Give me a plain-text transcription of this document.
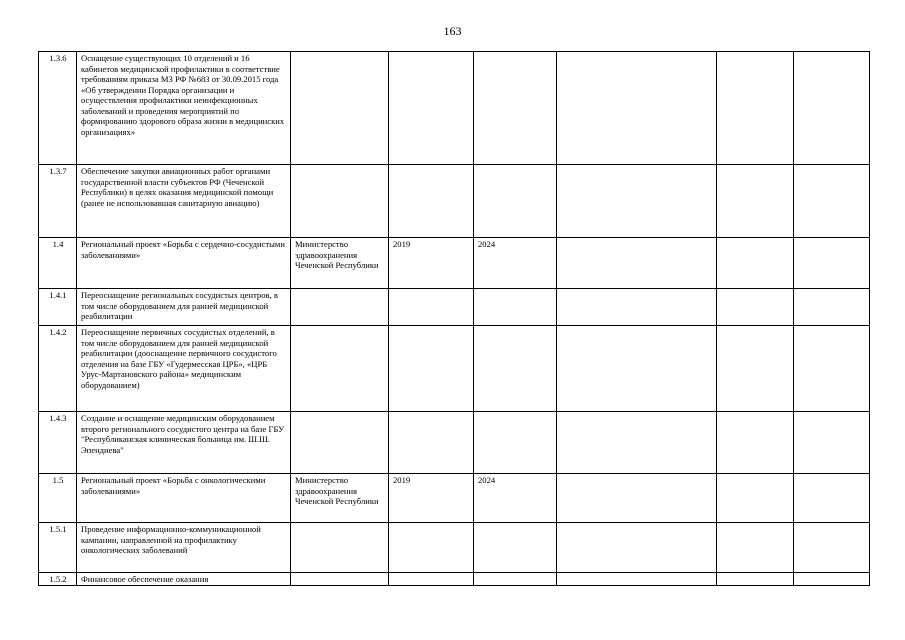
163
1.3.6	Оснащение существующих 10 отделений и 16 кабинетов медицинской профилактики в соответствие требованиям приказа МЗ РФ №683 от 30.09.2015 года «Об утверждении Порядка организации и осуществления профилактики неинфекционных заболеваний и проведения мероприятий по формированию здорового образа жизни в медицинских организациях»						
1.3.7	Обеспечение закупки авиационных работ органами государственной власти субъектов РФ (Чеченской Республики) в целях оказания медицинской помощи (ранее не использовавшая санитарную авиацию)						
1.4	Региональный проект «Борьба с сердечно-сосудистыми заболеваниями»	Министерство здравоохранения Чеченской Республики	2019	2024			
1.4.1	Переоснащение региональных сосудистых центров, в том числе оборудованием для ранней медицинской реабилитации						
1.4.2	Переоснащение первичных сосудистых отделений, в том числе оборудованием для ранней медицинской реабилитации (дооснащение первичного сосудистого отделения на базе ГБУ «Гудермесская ЦРБ», «ЦРБ Урус-Мартановского района» медицинским оборудованием)						
1.4.3	Создание и оснащение медицинским оборудованием второго регионального сосудистого центра на базе ГБУ "Республиканская клиническая больница им. Ш.Ш. Эпендиева"						
1.5	Региональный проект «Борьба с онкологическими заболеваниями»	Министерство здравоохранения Чеченской Республики	2019	2024			
1.5.1	Проведение информационно-коммуникационной кампании, направленной на профилактику онкологических заболеваний						
1.5.2	Финансовое обеспечение оказания						
